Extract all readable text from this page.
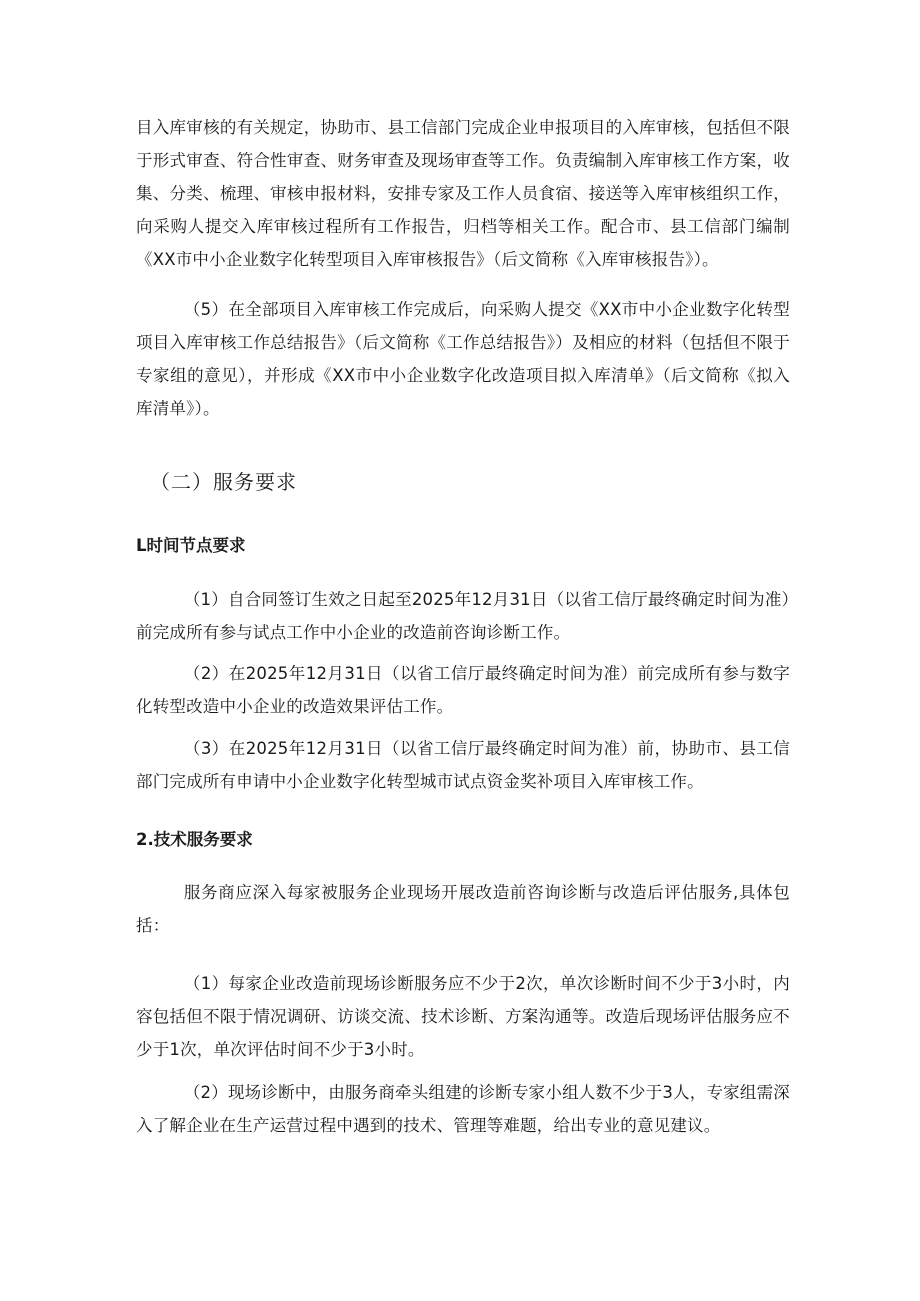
目入库审核的有关规定，协助市、县工信部门完成企业申报项目的入库审核，包括但不限于形式审查、符合性审查、财务审查及现场审查等工作。负责编制入库审核工作方案，收集、分类、梳理、审核申报材料，安排专家及工作人员食宿、接送等入库审核组织工作，向采购人提交入库审核过程所有工作报告，归档等相关工作。配合市、县工信部门编制《XX市中小企业数字化转型项目入库审核报告》（后文简称《入库审核报告》）。

（5）在全部项目入库审核工作完成后，向采购人提交《XX市中小企业数字化转型项目入库审核工作总结报告》（后文简称《工作总结报告》）及相应的材料（包括但不限于专家组的意见），并形成《XX市中小企业数字化改造项目拟入库清单》（后文简称《拟入库清单》）。

（二）服务要求
L时间节点要求

（1）自合同签订生效之日起至2025年12月31日（以省工信厅最终确定时间为准）前完成所有参与试点工作中小企业的改造前咨询诊断工作。

（2）在2025年12月31日（以省工信厅最终确定时间为准）前完成所有参与数字化转型改造中小企业的改造效果评估工作。

（3）在2025年12月31日（以省工信厅最终确定时间为准）前，协助市、县工信部门完成所有申请中小企业数字化转型城市试点资金奖补项目入库审核工作。

2.技术服务要求

服务商应深入每家被服务企业现场开展改造前咨询诊断与改造后评估服务,具体包括：

（1）每家企业改造前现场诊断服务应不少于2次，单次诊断时间不少于3小时，内容包括但不限于情况调研、访谈交流、技术诊断、方案沟通等。改造后现场评估服务应不少于1次，单次评估时间不少于3小时。

（2）现场诊断中，由服务商牵头组建的诊断专家小组人数不少于3人，专家组需深入了解企业在生产运营过程中遇到的技术、管理等难题，给出专业的意见建议。
